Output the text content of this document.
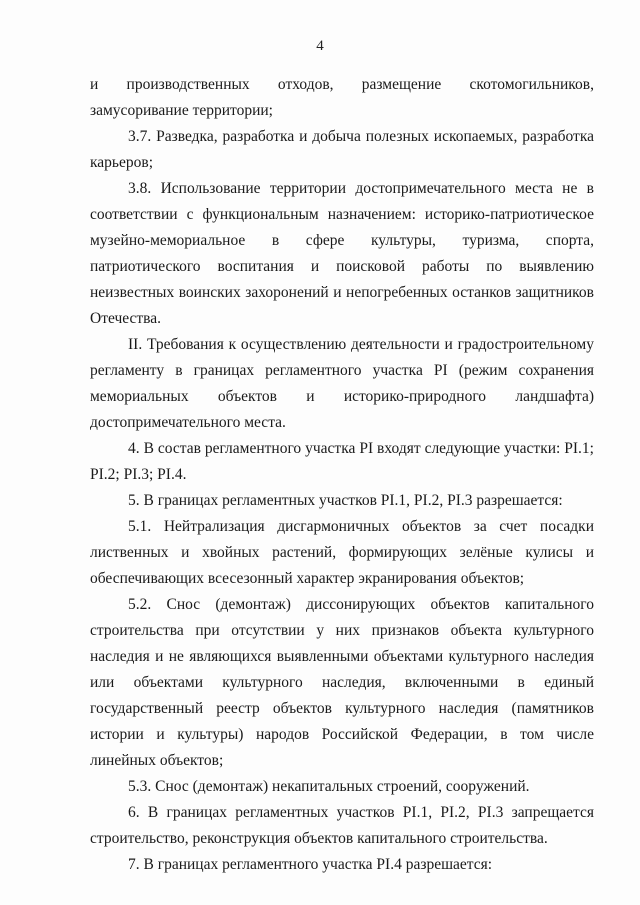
4

и производственных отходов, размещение скотомогильников, замусоривание территории;

3.7. Разведка, разработка и добыча полезных ископаемых, разработка карьеров;

3.8. Использование территории достопримечательного места не в соответствии с функциональным назначением: историко-патриотическое музейно-мемориальное в сфере культуры, туризма, спорта, патриотического воспитания и поисковой работы по выявлению неизвестных воинских захоронений и непогребенных останков защитников Отечества.

II. Требования к осуществлению деятельности и градостроительному регламенту в границах регламентного участка РI (режим сохранения мемориальных объектов и историко-природного ландшафта) достопримечательного места.

4. В состав регламентного участка РI входят следующие участки: РI.1; РI.2; РI.3; РI.4.

5. В границах регламентных участков РI.1, РI.2, РI.3 разрешается:

5.1. Нейтрализация дисгармоничных объектов за счет посадки лиственных и хвойных растений, формирующих зелёные кулисы и обеспечивающих всесезонный характер экранирования объектов;

5.2. Снос (демонтаж) диссонирующих объектов капитального строительства при отсутствии у них признаков объекта культурного наследия и не являющихся выявленными объектами культурного наследия или объектами культурного наследия, включенными в единый государственный реестр объектов культурного наследия (памятников истории и культуры) народов Российской Федерации, в том числе линейных объектов;

5.3. Снос (демонтаж) некапитальных строений, сооружений.

6. В границах регламентных участков РI.1, РI.2, РI.3 запрещается строительство, реконструкция объектов капитального строительства.

7. В границах регламентного участка РI.4 разрешается:
